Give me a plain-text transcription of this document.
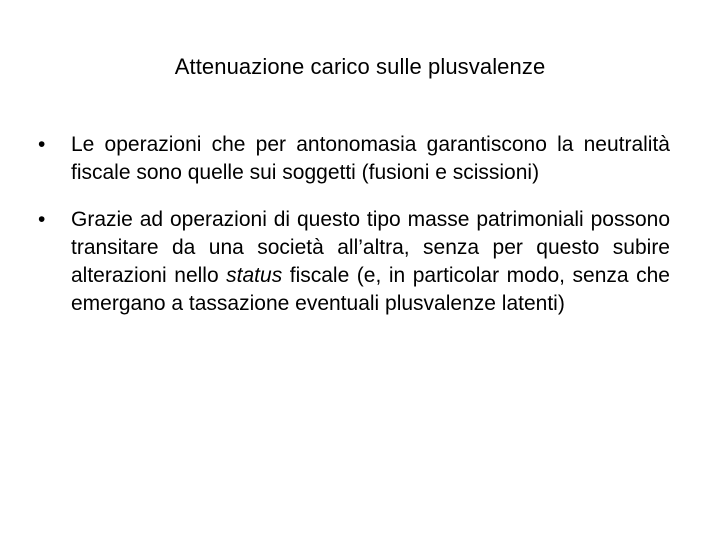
Attenuazione carico sulle plusvalenze
•	Le operazioni che per antonomasia garantiscono la neutralità fiscale sono quelle sui soggetti (fusioni e scissioni)
•	Grazie ad operazioni di questo tipo masse patrimoniali possono transitare da una società all’altra, senza per questo subire alterazioni nello status fiscale (e, in particolar modo, senza che emergano a tassazione eventuali plusvalenze latenti)
